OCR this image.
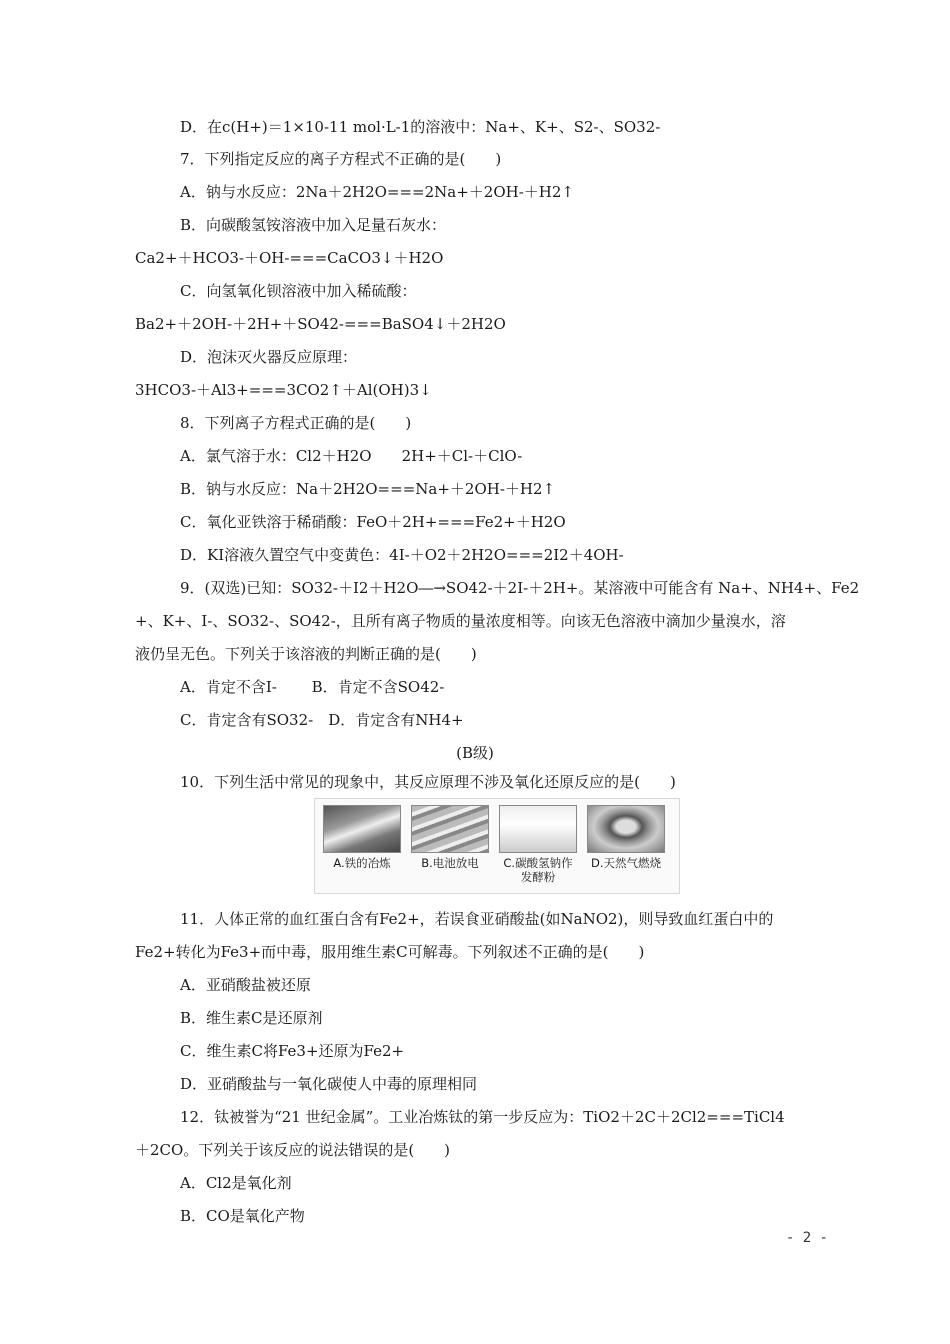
A.铁的冶炼	B.电池放电	C.碳酸氢钠作发酵粉
D.天然气燃烧
- 2 -
D．在c(H+)＝1×10-11 mol·L-1的溶液中：Na+、K+、S2-、SO32-
7．下列指定反应的离子方程式不正确的是(　　)
A．钠与水反应：2Na＋2H2O===2Na+＋2OH-＋H2↑
B．向碳酸氢铵溶液中加入足量石灰水：
Ca2+＋HCO3-＋OH-===CaCO3↓＋H2O
C．向氢氧化钡溶液中加入稀硫酸：
Ba2+＋2OH-＋2H+＋SO42-===BaSO4↓＋2H2O
D．泡沫灭火器反应原理：
3HCO3-＋Al3+===3CO2↑＋Al(OH)3↓
8．下列离子方程式正确的是(　　)
A．氯气溶于水：Cl2＋H2O　　2H+＋Cl-＋ClO-
B．钠与水反应：Na＋2H2O===Na+＋2OH-＋H2↑
C．氧化亚铁溶于稀硝酸：FeO＋2H+===Fe2+＋H2O
D．KI溶液久置空气中变黄色：4I-＋O2＋2H2O===2I2＋4OH-
9．(双选)已知：SO32-＋I2＋H2O―→SO42-＋2I-＋2H+。某溶液中可能含有 Na+、NH4+、Fe2
+、K+、I-、SO32-、SO42-，且所有离子物质的量浓度相等。向该无色溶液中滴加少量溴水，溶
液仍呈无色。下列关于该溶液的判断正确的是(　　)
A．肯定不含I-　　 B．肯定不含SO42-
C．肯定含有SO32-　D．肯定含有NH4+
(B级)
10．下列生活中常见的现象中，其反应原理不涉及氧化还原反应的是(　　)
11．人体正常的血红蛋白含有Fe2+，若误食亚硝酸盐(如NaNO2)，则导致血红蛋白中的
Fe2+转化为Fe3+而中毒，服用维生素C可解毒。下列叙述不正确的是(　　)
A．亚硝酸盐被还原
B．维生素C是还原剂
C．维生素C将Fe3+还原为Fe2+
D．亚硝酸盐与一氧化碳使人中毒的原理相同
12．钛被誉为“21 世纪金属”。工业冶炼钛的第一步反应为：TiO2＋2C＋2Cl2===TiCl4
＋2CO。下列关于该反应的说法错误的是(　　)
A．Cl2是氧化剂
B．CO是氧化产物
